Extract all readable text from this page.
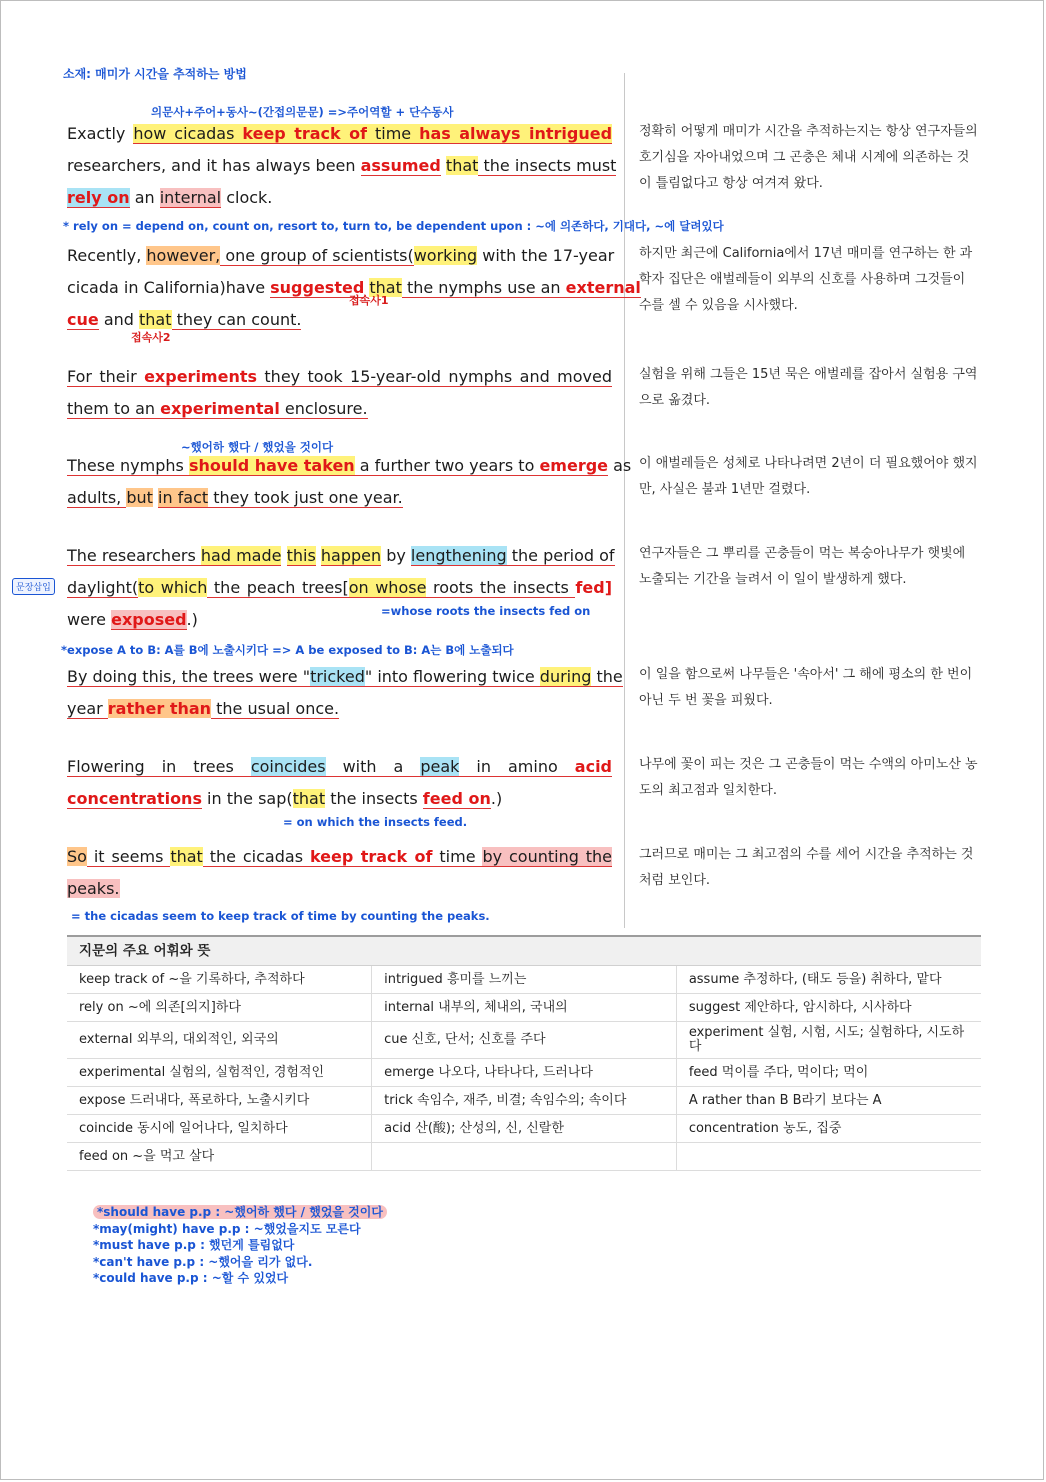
소재: 매미가 시간을 추적하는 방법
의문사+주어+동사~(간접의문문) =>주어역할 + 단수동사
Exactly how cicadas keep track of time has always intrigued
researchers, and it has always been assumed that the insects must
rely on an internal clock.
정확히 어떻게 매미가 시간을 추적하는지는 항상 연구자들의 호기심을 자아내었으며 그 곤충은 체내 시계에 의존하는 것이 틀림없다고 항상 여겨져 왔다.
* rely on = depend on, count on, resort to, turn to, be dependent upon : ~에 의존하다, 기대다, ~에 달려있다
Recently, however, one group of scientists(working with the 17-year
cicada in California)have suggested that the nymphs use an external
cue and that they can count.
접속사1
접속사2
하지만 최근에 California에서 17년 매미를 연구하는 한 과학자 집단은 애벌레들이 외부의 신호를 사용하며 그것들이 수를 셀 수 있음을 시사했다.
For their experiments they took 15-year-old nymphs and moved
them to an experimental enclosure.
실험을 위해 그들은 15년 묵은 애벌레를 잡아서 실험용 구역으로 옮겼다.
~했어하 했다 / 했었을 것이다
These nymphs should have taken a further two years to emerge as
adults, but in fact they took just one year.
이 애벌레들은 성체로 나타나려면 2년이 더 필요했어야 했지만, 사실은 불과 1년만 걸렸다.
문장삽입
The researchers had made this happen by lengthening the period of
daylight(to which the peach trees[on whose roots the insects fed]
were exposed.)	=whose roots the insects fed on
연구자들은 그 뿌리를 곤충들이 먹는 복숭아나무가 햇빛에 노출되는 기간을 늘려서 이 일이 발생하게 했다.
*expose A to B: A를 B에 노출시키다 => A be exposed to B: A는 B에 노출되다
By doing this, the trees were "tricked" into flowering twice during the
year rather than the usual once.
이 일을 함으로써 나무들은 '속아서' 그 해에 평소의 한 번이 아닌 두 번 꽃을 피웠다.
Flowering in trees coincides with a peak in amino acid
concentrations in the sap(that the insects feed on.)
= on which the insects feed.
나무에 꽃이 피는 것은 그 곤충들이 먹는 수액의 아미노산 농도의 최고점과 일치한다.
So it seems that the cicadas keep track of time by counting the
peaks.
= the cicadas seem to keep track of time by counting the peaks.
그러므로 매미는 그 최고점의 수를 세어 시간을 추적하는 것처럼 보인다.
지문의 주요 어휘와 뜻
keep track of ~을 기록하다, 추적하다	intrigued 흥미를 느끼는	assume 추정하다, (태도 등을) 취하다, 맡다
rely on ~에 의존[의지]하다	internal 내부의, 체내의, 국내의	suggest 제안하다, 암시하다, 시사하다
external 외부의, 대외적인, 외국의	cue 신호, 단서; 신호를 주다	experiment 실험, 시험, 시도; 실험하다, 시도하다
experimental 실험의, 실험적인, 경험적인	emerge 나오다, 나타나다, 드러나다	feed 먹이를 주다, 먹이다; 먹이
expose 드러내다, 폭로하다, 노출시키다	trick 속임수, 재주, 비결; 속임수의; 속이다	A rather than B B라기 보다는 A
coincide 동시에 일어나다, 일치하다	acid 산(酸); 산성의, 신, 신랄한	concentration 농도, 집중
feed on ~을 먹고 살다		
*should have p.p : ~했어하 했다 / 했었을 것이다
*may(might) have p.p : ~했었을지도 모른다
*must have p.p : 했던게 틀림없다
*can't have p.p : ~했어을 리가 없다.
*could have p.p : ~할 수 있었다
